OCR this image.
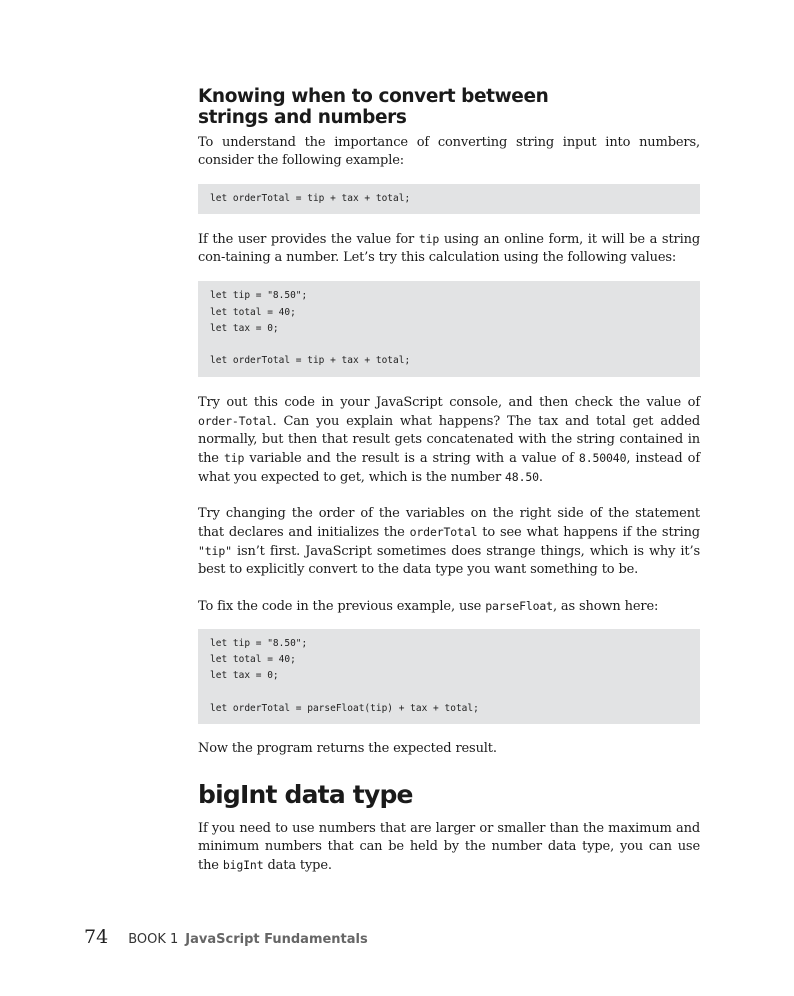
Knowing when to convert between
strings and numbers

To understand the importance of converting string input into numbers, consider the following example:

let orderTotal = tip + tax + total;

If the user provides the value for tip using an online form, it will be a string con-taining a number. Let’s try this calculation using the following values:

let tip = "8.50";
let total = 40;
let tax = 0;

let orderTotal = tip + tax + total;

Try out this code in your JavaScript console, and then check the value of order-Total. Can you explain what happens? The tax and total get added normally, but then that result gets concatenated with the string contained in the tip variable and the result is a string with a value of 8.50040, instead of what you expected to get, which is the number 48.50.

Try changing the order of the variables on the right side of the statement that declares and initializes the orderTotal to see what happens if the string "tip" isn’t first. JavaScript sometimes does strange things, which is why it’s best to explicitly convert to the data type you want something to be.

To fix the code in the previous example, use parseFloat, as shown here:

let tip = "8.50";
let total = 40;
let tax = 0;

let orderTotal = parseFloat(tip) + tax + total;

Now the program returns the expected result.

bigInt data type

If you need to use numbers that are larger or smaller than the maximum and minimum numbers that can be held by the number data type, you can use the bigInt data type.

74 BOOK 1 JavaScript Fundamentals
